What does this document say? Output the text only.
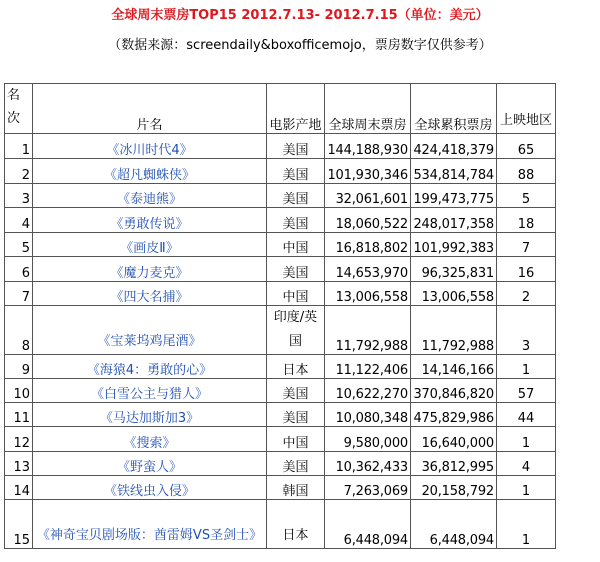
全球周末票房TOP15 2012.7.13- 2012.7.15（单位：美元）
（数据来源：screendaily&boxofficemojo，票房数字仅供参考）
名次	片名	电影产地	全球周末票房	全球累积票房	上映地区
1	《冰川时代4》	美国	144,188,930	424,418,379	65
2	《超凡蜘蛛侠》	美国	101,930,346	534,814,784	88
3	《泰迪熊》	美国	32,061,601	199,473,775	5
4	《勇敢传说》	美国	18,060,522	248,017,358	18
5	《画皮Ⅱ》	中国	16,818,802	101,992,383	7
6	《魔力麦克》	美国	14,653,970	96,325,831	16
7	《四大名捕》	中国	13,006,558	13,006,558	2
8	《宝莱坞鸡尾酒》	印度/英国	11,792,988	11,792,988	3
9	《海猿4：勇敢的心》	日本	11,122,406	14,146,166	1
10	《白雪公主与猎人》	美国	10,622,270	370,846,820	57
11	《马达加斯加3》	美国	10,080,348	475,829,986	44
12	《搜索》	中国	9,580,000	16,640,000	1
13	《野蛮人》	美国	10,362,433	36,812,995	4
14	《铁线虫入侵》	韩国	7,263,069	20,158,792	1
15	《神奇宝贝剧场版：酋雷姆VS圣剑士》	日本	6,448,094	6,448,094	1
